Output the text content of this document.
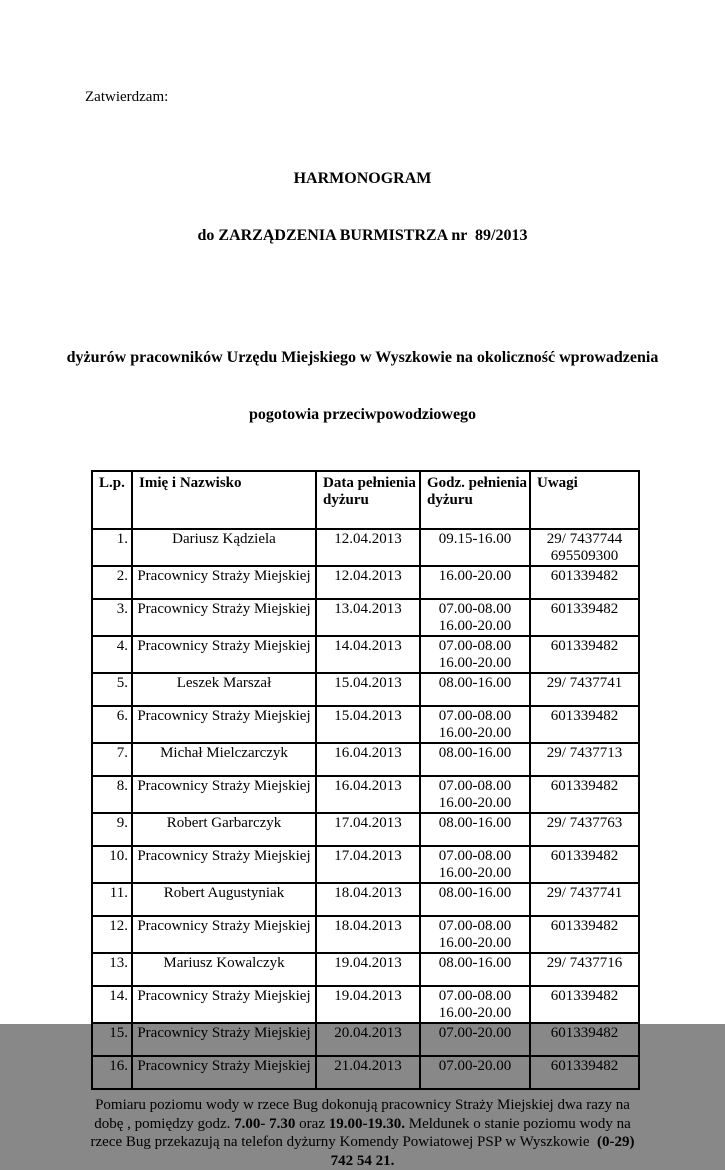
Zatwierdzam:

HARMONOGRAM

do ZARZĄDZENIA BURMISTRZA nr  89/2013

dyżurów pracowników Urzędu Miejskiego w Wyszkowie na okoliczność wprowadzenia

pogotowia przeciwpowodziowego

L.p.	Imię i Nazwisko	Data pełnienia dyżuru	Godz. pełnienia dyżuru	Uwagi
1.	Dariusz Kądziela	12.04.2013	09.15-16.00	29/ 7437744
695509300
2.	Pracownicy Straży Miejskiej	12.04.2013	16.00-20.00	601339482
3.	Pracownicy Straży Miejskiej	13.04.2013	07.00-08.00
16.00-20.00	601339482
4.	Pracownicy Straży Miejskiej	14.04.2013	07.00-08.00
16.00-20.00	601339482
5.	Leszek Marszał	15.04.2013	08.00-16.00	29/ 7437741
6.	Pracownicy Straży Miejskiej	15.04.2013	07.00-08.00
16.00-20.00	601339482
7.	Michał Mielczarczyk	16.04.2013	08.00-16.00	29/ 7437713
8.	Pracownicy Straży Miejskiej	16.04.2013	07.00-08.00
16.00-20.00	601339482
9.	Robert Garbarczyk	17.04.2013	08.00-16.00	29/ 7437763
10.	Pracownicy Straży Miejskiej	17.04.2013	07.00-08.00
16.00-20.00	601339482
11.	Robert Augustyniak	18.04.2013	08.00-16.00	29/ 7437741
12.	Pracownicy Straży Miejskiej	18.04.2013	07.00-08.00
16.00-20.00	601339482
13.	Mariusz Kowalczyk	19.04.2013	08.00-16.00	29/ 7437716
14.	Pracownicy Straży Miejskiej	19.04.2013	07.00-08.00
16.00-20.00	601339482
15.	Pracownicy Straży Miejskiej	20.04.2013	07.00-20.00	601339482
16.	Pracownicy Straży Miejskiej	21.04.2013	07.00-20.00	601339482
Pomiaru poziomu wody w rzece Bug dokonują pracownicy Straży Miejskiej dwa razy na
dobę , pomiędzy godz. 7.00- 7.30 oraz 19.00-19.30. Meldunek o stanie poziomu wody na
rzece Bug przekazują na telefon dyżurny Komendy Powiatowej PSP w Wyszkowie  (0-29)
742 54 21.
